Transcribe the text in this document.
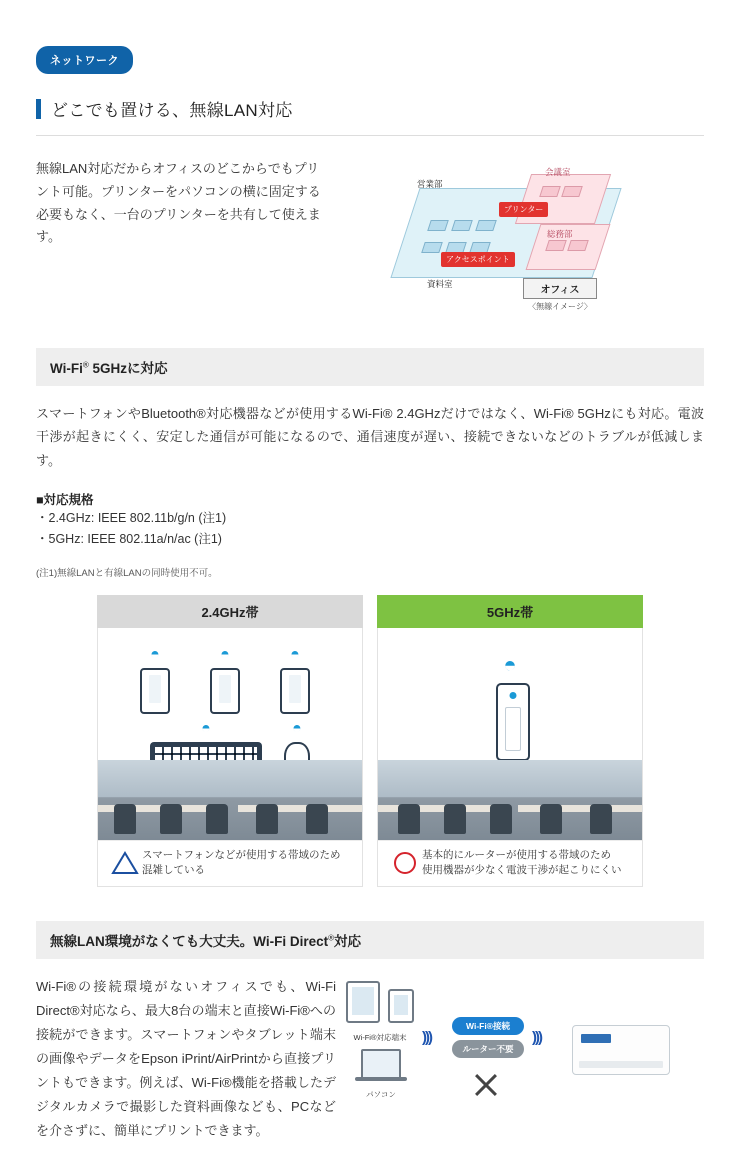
ネットワーク
どこでも置ける、無線LAN対応
無線LAN対応だからオフィスのどこからでもプリント可能。プリンターをパソコンの横に固定する必要もなく、一台のプリンターを共有して使えます。
営業部
会議室
総務部
資料室
プリンター
アクセスポイント
オフィス
〈無線イメージ〉
Wi-Fi® 5GHzに対応
スマートフォンやBluetooth®対応機器などが使用するWi-Fi® 2.4GHzだけではなく、Wi-Fi® 5GHzにも対応。電波干渉が起きにくく、安定した通信が可能になるので、通信速度が遅い、接続できないなどのトラブルが低減します。
■対応規格
・2.4GHz: IEEE 802.11b/g/n (注1)
・5GHz: IEEE 802.11a/n/ac (注1)
(注1)無線LANと有線LANの同時使用不可。
2.4GHz帯
◓	◓	◓
◓	◓
スマートフォンなどが使用する帯域のため
混雑している
5GHz帯
◓
基本的にルーターが使用する帯域のため
使用機器が少なく電波干渉が起こりにくい
無線LAN環境がなくても大丈夫。Wi-Fi Direct®対応
Wi-Fi®の接続環境がないオフィスでも、Wi-Fi Direct®対応なら、最大8台の端末と直接Wi-Fi®への接続ができます。スマートフォンやタブレット端末の画像やデータをEpson iPrint/AirPrintから直接プリントもできます。例えば、Wi-Fi®機能を搭載したデジタルカメラで撮影した資料画像なども、PCなどを介さずに、簡単にプリントできます。

Wi-Fi®対応端末
パソコン
)))
Wi-Fi®接続
ルーター不要
)))
